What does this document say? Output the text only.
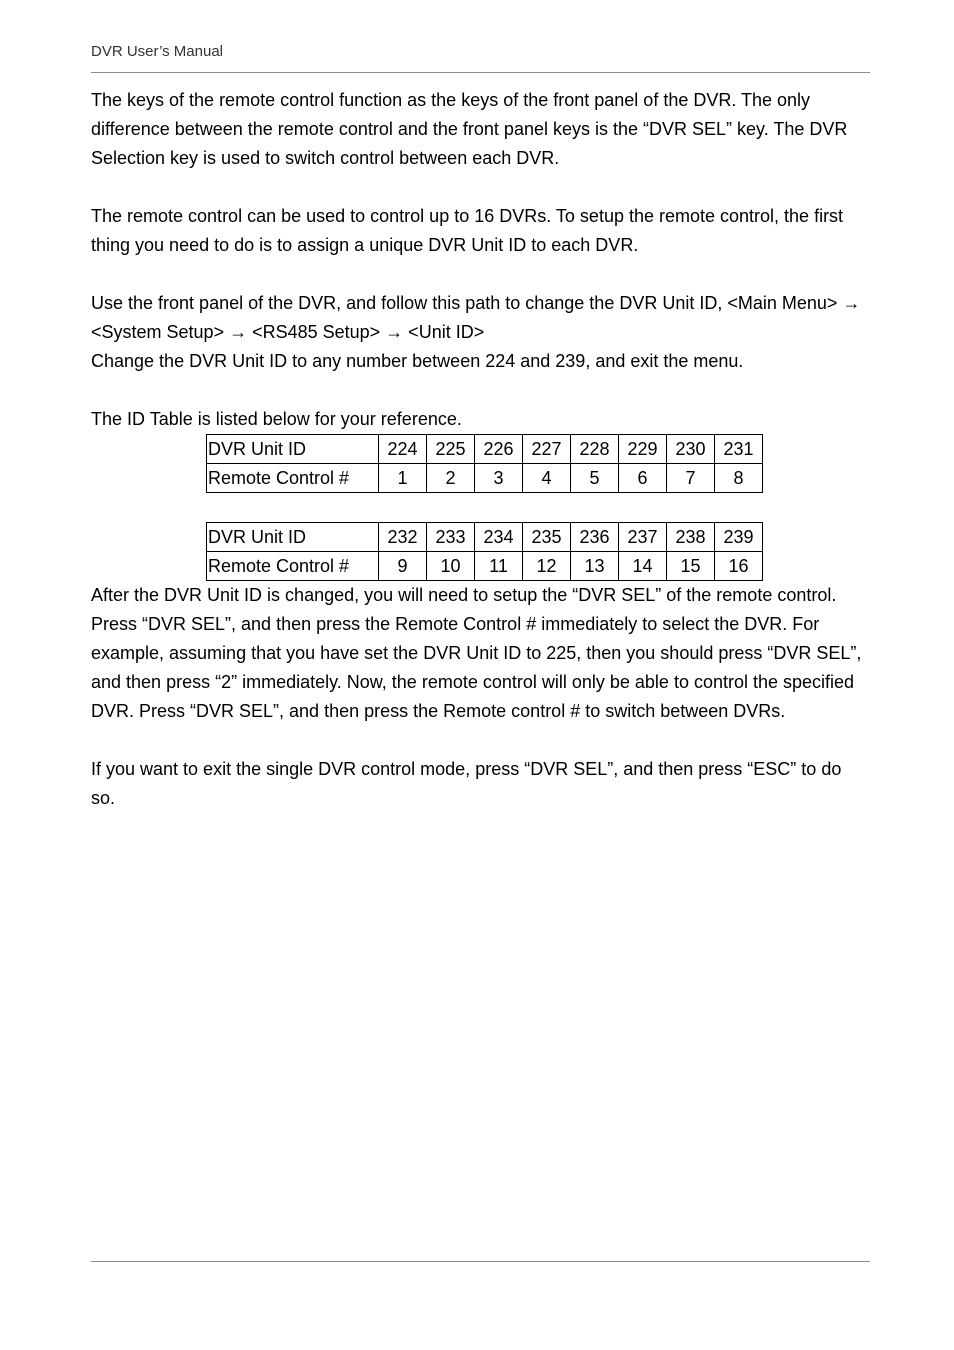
DVR User’s Manual

The keys of the remote control function as the keys of the front panel of the DVR. The only difference between the remote control and the front panel keys is the “DVR SEL” key. The DVR Selection key is used to switch control between each DVR.

The remote control can be used to control up to 16 DVRs. To setup the remote control, the first thing you need to do is to assign a unique DVR Unit ID to each DVR.

Use the front panel of the DVR, and follow this path to change the DVR Unit ID, <Main Menu> → <System Setup> → <RS485 Setup> → <Unit ID>

Change the DVR Unit ID to any number between 224 and 239, and exit the menu.

The ID Table is listed below for your reference.

DVR Unit ID	224	225	226	227	228	229	230	231
Remote Control #	1	2	3	4	5	6	7	8
DVR Unit ID	232	233	234	235	236	237	238	239
Remote Control #	9	10	11	12	13	14	15	16

After the DVR Unit ID is changed, you will need to setup the “DVR SEL” of the remote control. Press “DVR SEL”, and then press the Remote Control # immediately to select the DVR. For example, assuming that you have set the DVR Unit ID to 225, then you should press “DVR SEL”, and then press “2” immediately. Now, the remote control will only be able to control the specified DVR. Press “DVR SEL”, and then press the Remote control # to switch between DVRs.

If you want to exit the single DVR control mode, press “DVR SEL”, and then press “ESC” to do so.
